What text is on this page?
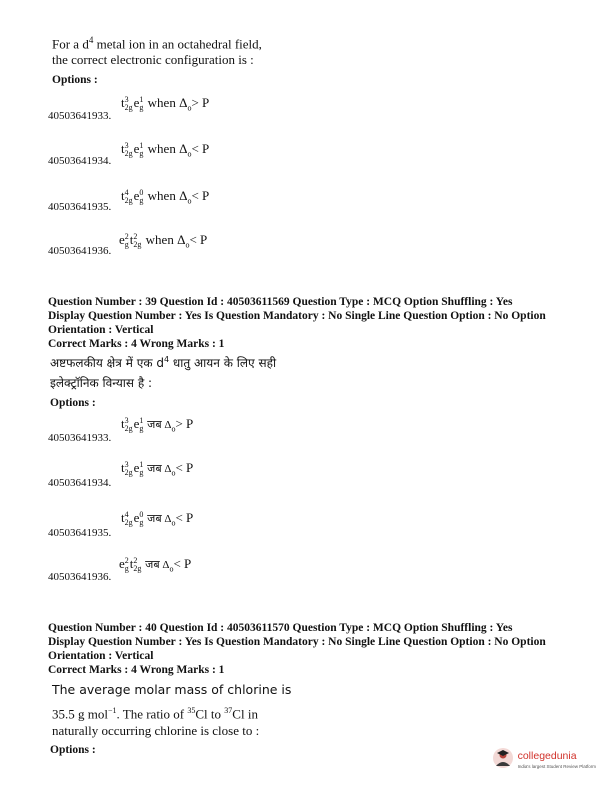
For a $d^4$ metal ion in an octahedral field,
the correct electronic configuration is :
Options :
40503641933.
t 3
2g e 1
g when $\Delta_o> P$
40503641934.
t 3
2g e 1
g when $\Delta_o< P$
40503641935.
t 4
2g e 0
g when $\Delta_o< P$
40503641936.
e 2
g t 2
2g when $\Delta_o< P$
Question Number : 39 Question Id : 40503611569 Question Type : MCQ Option Shuffling : Yes
Display Question Number : Yes Is Question Mandatory : No Single Line Question Option : No Option
Orientation : Vertical
Correct Marks : 4 Wrong Marks : 1
अष्टफलकीय क्षेत्र में एक $d^4$ धातु आयन के लिए सही
इलेक्ट्रॉनिक विन्यास है :
Options :
40503641933.
t 3
2g e 1
g जब $\Delta_o> P$
40503641934.
t 3
2g e 1
g जब $\Delta_o< P$
40503641935.
t 4
2g e 0
g जब $\Delta_o< P$
40503641936.
e 2
g t 2
2g जब $\Delta_o< P$
Question Number : 40 Question Id : 40503611570 Question Type : MCQ Option Shuffling : Yes
Display Question Number : Yes Is Question Mandatory : No Single Line Question Option : No Option
Orientation : Vertical
Correct Marks : 4 Wrong Marks : 1
The average molar mass of chlorine is
35.5 g mol$^{-1}$. The ratio of $^{35}$Cl to $^{37}$Cl in
naturally occurring chlorine is close to :
Options :	collegedunia
India's largest Student Review Platform
